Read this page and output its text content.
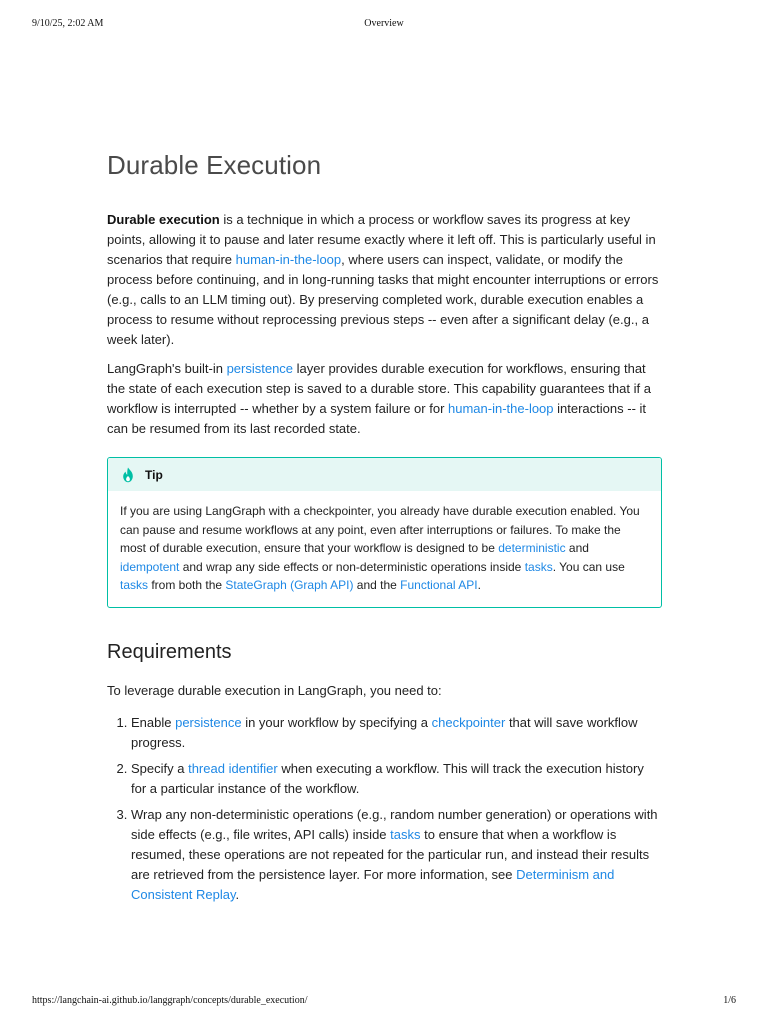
9/10/25, 2:02 AM	Overview
Durable Execution

Durable execution is a technique in which a process or workflow saves its progress at key points, allowing it to pause and later resume exactly where it left off. This is particularly useful in scenarios that require human-in-the-loop, where users can inspect, validate, or modify the process before continuing, and in long-running tasks that might encounter interruptions or errors (e.g., calls to an LLM timing out). By preserving completed work, durable execution enables a process to resume without reprocessing previous steps -- even after a significant delay (e.g., a week later).

LangGraph's built-in persistence layer provides durable execution for workflows, ensuring that the state of each execution step is saved to a durable store. This capability guarantees that if a workflow is interrupted -- whether by a system failure or for human-in-the-loop interactions -- it can be resumed from its last recorded state.

Tip
If you are using LangGraph with a checkpointer, you already have durable execution enabled. You can pause and resume workflows at any point, even after interruptions or failures. To make the most of durable execution, ensure that your workflow is designed to be deterministic and idempotent and wrap any side effects or non-deterministic operations inside tasks. You can use tasks from both the StateGraph (Graph API) and the Functional API.
Requirements

To leverage durable execution in LangGraph, you need to:

1. Enable persistence in your workflow by specifying a checkpointer that will save workflow progress.
2. Specify a thread identifier when executing a workflow. This will track the execution history for a particular instance of the workflow.
3. Wrap any non-deterministic operations (e.g., random number generation) or operations with side effects (e.g., file writes, API calls) inside tasks to ensure that when a workflow is resumed, these operations are not repeated for the particular run, and instead their results are retrieved from the persistence layer. For more information, see Determinism and Consistent Replay.
https://langchain-ai.github.io/langgraph/concepts/durable_execution/	1/6
